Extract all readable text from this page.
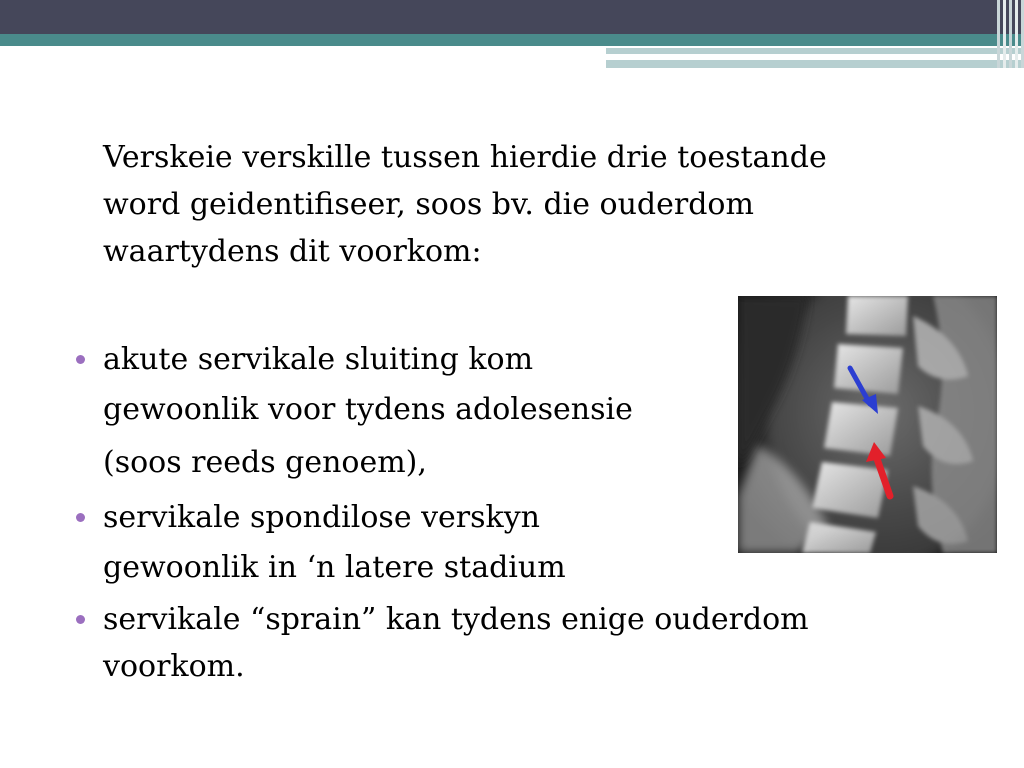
Verskeie verskille tussen hierdie drie toestande
word geidentifiseer, soos bv. die ouderdom
waartydens dit voorkom:
akute servikale sluiting kom
gewoonlik voor tydens adolesensie
(soos reeds genoem),
servikale spondilose verskyn
gewoonlik in ‘n latere stadium
servikale “sprain” kan tydens enige ouderdom
voorkom.
